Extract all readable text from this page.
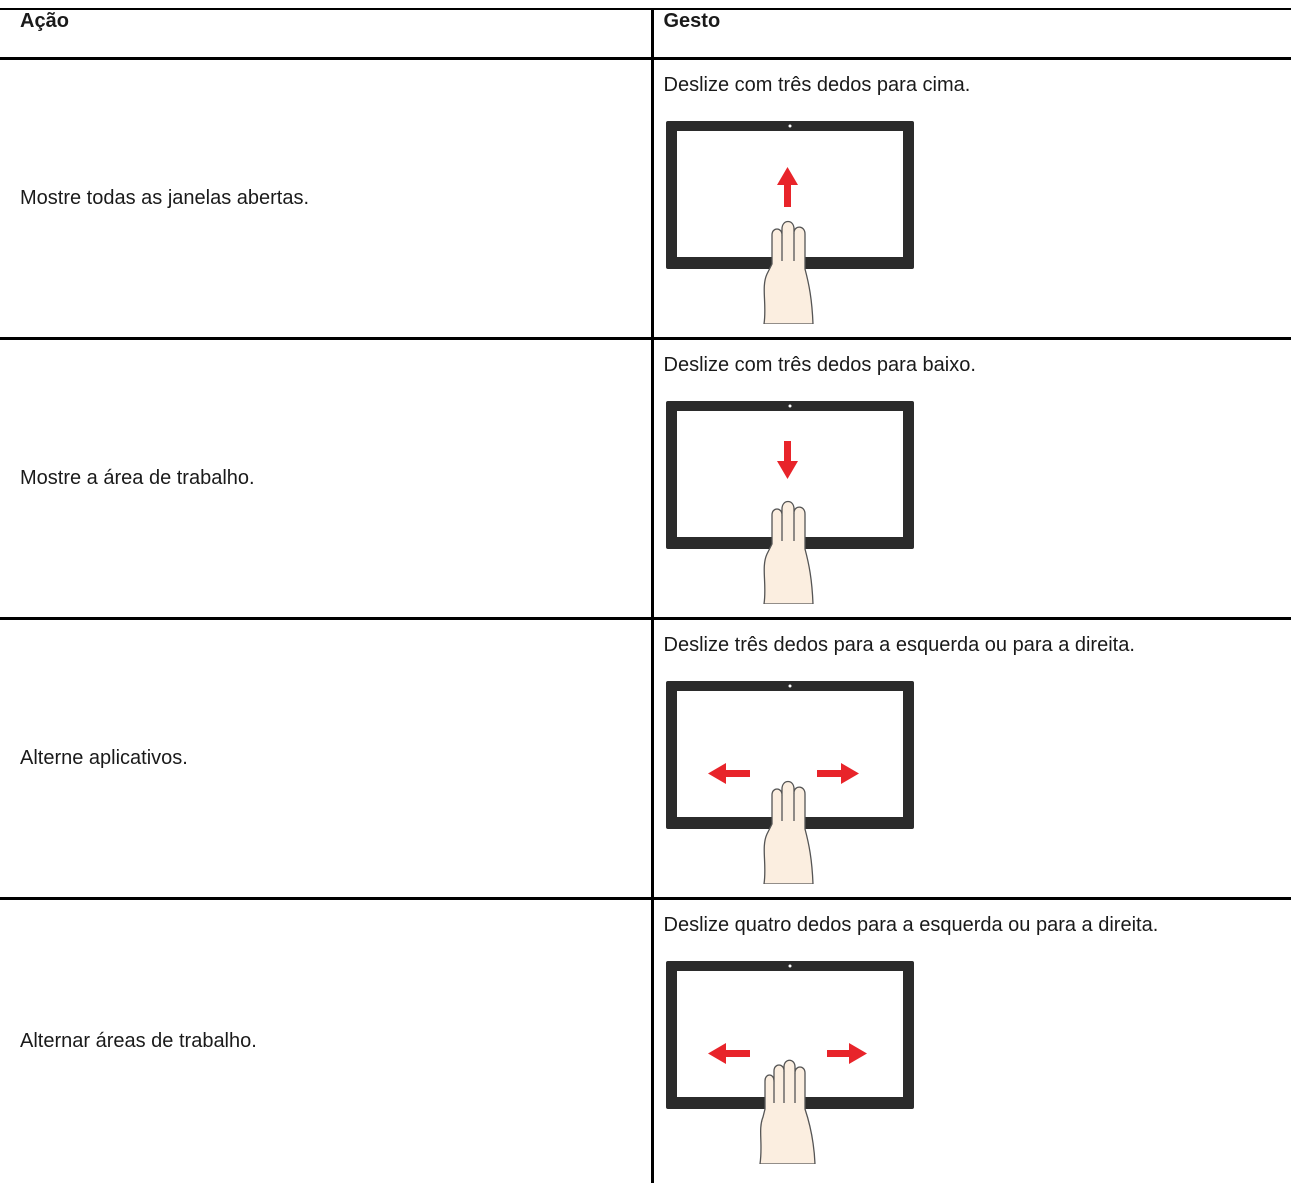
Ação	Gesto
Mostre todas as janelas abertas.	Deslize com três dedos para cima.

Mostre a área de trabalho.	Deslize com três dedos para baixo.

Alterne aplicativos.	Deslize três dedos para a esquerda ou para a direita.

Alternar áreas de trabalho.	Deslize quatro dedos para a esquerda ou para a direita.
